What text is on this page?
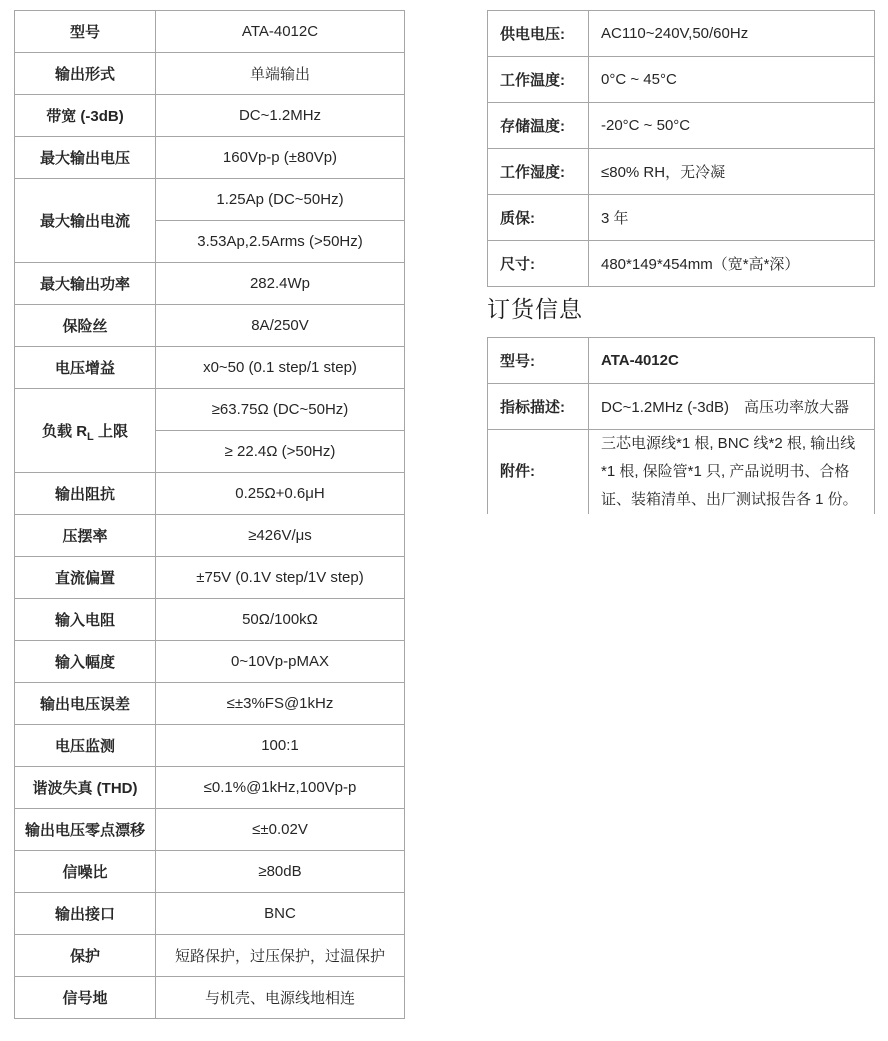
型号	ATA-4012C
输出形式	单端输出
带宽 (-3dB)	DC~1.2MHz
最大输出电压	160Vp-p (±80Vp)
最大输出电流	1.25Ap (DC~50Hz)
	3.53Ap,2.5Arms (>50Hz)
最大输出功率	282.4Wp
保险丝	8A/250V
电压增益	x0~50 (0.1 step/1 step)
负载 $R_L$ 上限	≥63.75Ω (DC~50Hz)
	≥ 22.4Ω (>50Hz)
输出阻抗	0.25Ω+0.6μH
压摆率	≥426V/μs
直流偏置	±75V (0.1V step/1V step)
输入电阻	50Ω/100kΩ
输入幅度	0~10Vp-pMAX
输出电压误差	≤±3%FS@1kHz
电压监测	100:1
谐波失真 (THD)	≤0.1%@1kHz,100Vp-p
输出电压零点漂移	≤±0.02V
信噪比	≥80dB
输出接口	BNC
保护	短路保护，过压保护，过温保护
信号地	与机壳、电源线地相连
供电电压:	AC110~240V,50/60Hz
工作温度:	0°C ~ 45°C
存储温度:	-20°C ~ 50°C
工作湿度:	≤80% RH，无冷凝
质保:	3 年
尺寸:	480*149*454mm（宽*高*深）
订货信息
型号:	ATA-4012C
指标描述:	DC~1.2MHz (-3dB)　高压功率放大器
附件:	三芯电源线*1 根, BNC 线*2 根, 输出线*1 根, 保险管*1 只, 产品说明书、合格证、装箱清单、出厂测试报告各 1 份。
